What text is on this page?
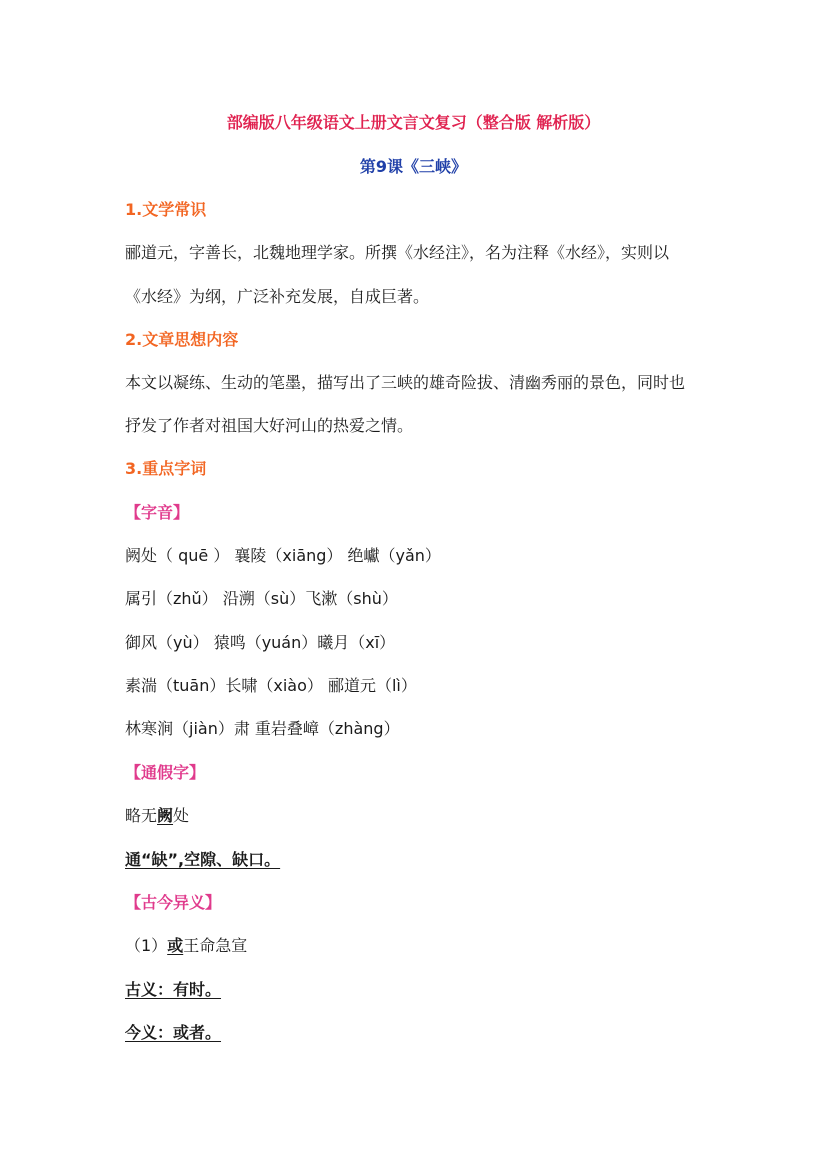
部编版八年级语文上册文言文复习（整合版 解析版）
第9课《三峡》
1.文学常识
郦道元，字善长，北魏地理学家。所撰《水经注》，名为注释《水经》，实则以
《水经》为纲，广泛补充发展，自成巨著。
2.文章思想内容
本文以凝练、生动的笔墨，描写出了三峡的雄奇险拔、清幽秀丽的景色，同时也
抒发了作者对祖国大好河山的热爱之情。
3.重点字词
【字音】
阙处（ quē ） 襄陵（xiāng） 绝巘（yǎn）
属引（zhǔ） 沿溯（sù）飞漱（shù）
御风（yù） 猿鸣（yuán）曦月（xī）
素湍（tuān）长啸（xiào） 郦道元（lì）
林寒涧（jiàn）肃 重岩叠嶂（zhàng）
【通假字】
略无阙处
通“缺”,空隙、缺口。
【古今异义】
（1）或王命急宣
古义：有时。
今义：或者。
